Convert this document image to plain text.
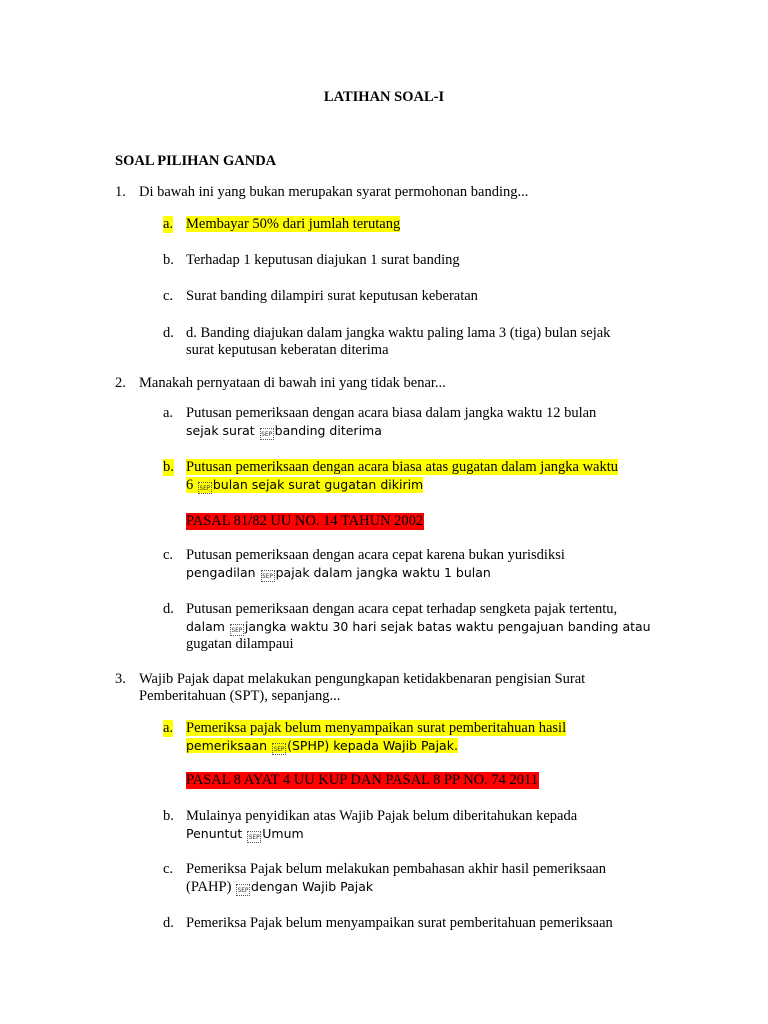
LATIHAN SOAL-I
SOAL PILIHAN GANDA
1. Di bawah ini yang bukan merupakan syarat permohonan banding...
a. Membayar 50% dari jumlah terutang
b. Terhadap 1 keputusan diajukan 1 surat banding
c. Surat banding dilampiri surat keputusan keberatan
d. d. Banding diajukan dalam jangka waktu paling lama 3 (tiga) bulan sejak
surat keputusan keberatan diterima
2. Manakah pernyataan di bawah ini yang tidak benar...
a. Putusan pemeriksaan dengan acara biasa dalam jangka waktu 12 bulan
sejak surat SEP banding diterima
b. Putusan pemeriksaan dengan acara biasa atas gugatan dalam jangka waktu
6 SEP bulan sejak surat gugatan dikirim
PASAL 81/82 UU NO. 14 TAHUN 2002
c. Putusan pemeriksaan dengan acara cepat karena bukan yurisdiksi
pengadilan SEP pajak dalam jangka waktu 1 bulan
d. Putusan pemeriksaan dengan acara cepat terhadap sengketa pajak tertentu,
dalam SEP jangka waktu 30 hari sejak batas waktu pengajuan banding atau
gugatan dilampaui
3. Wajib Pajak dapat melakukan pengungkapan ketidakbenaran pengisian Surat
Pemberitahuan (SPT), sepanjang...
a. Pemeriksa pajak belum menyampaikan surat pemberitahuan hasil
pemeriksaan SEP (SPHP) kepada Wajib Pajak.
PASAL 8 AYAT 4 UU KUP DAN PASAL 8 PP NO. 74 2011
b. Mulainya penyidikan atas Wajib Pajak belum diberitahukan kepada
Penuntut SEP Umum
c. Pemeriksa Pajak belum melakukan pembahasan akhir hasil pemeriksaan
(PAHP) SEP dengan Wajib Pajak
d. Pemeriksa Pajak belum menyampaikan surat pemberitahuan pemeriksaan
